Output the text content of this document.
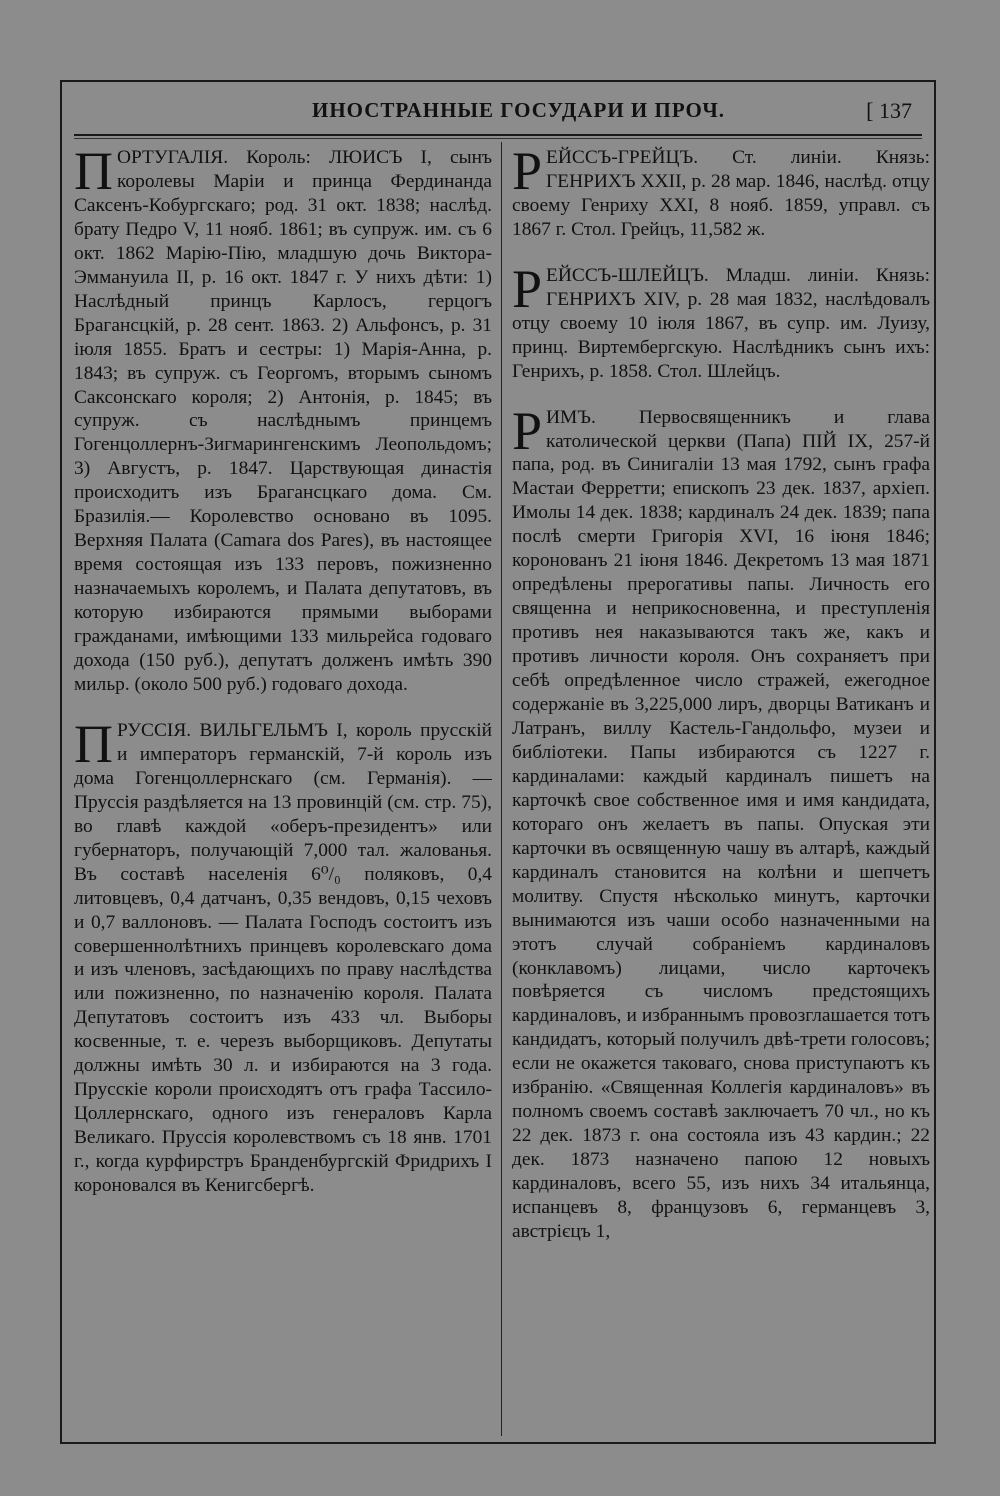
ИНОСТРАННЫЕ ГОСУДАРИ И ПРОЧ.	[ 137

П ОРТУГАЛІЯ. Король: ЛЮИСЪ I, сынъ королевы Маріи и принца Фердинанда Саксенъ-Кобургскаго; род. 31 окт. 1838; наслѣд. брату Педро V, 11 нояб. 1861; въ супруж. им. съ 6 окт. 1862 Марію-Пію, младшую дочь Виктора-Эммануила II, р. 16 окт. 1847 г. У нихъ дѣти: 1) Наслѣдный принцъ Карлосъ, герцогъ Брагансцкій, р. 28 сент. 1863. 2) Альфонсъ, р. 31 іюля 1855. Братъ и сестры: 1) Марія-Анна, р. 1843; въ супруж. съ Георгомъ, вторымъ сыномъ Саксонскаго короля; 2) Антонія, р. 1845; въ супруж. съ наслѣднымъ принцемъ Гогенцоллернъ-Зигмарингенскимъ Леопольдомъ; 3) Августъ, р. 1847. Царствующая династія происходитъ изъ Брагансцкаго дома. См. Бразилія.— Королевство основано въ 1095. Верхняя Палата (Camara dos Pares), въ настоящее время состоящая изъ 133 перовъ, пожизненно назначаемыхъ королемъ, и Палата депутатовъ, въ которую избираются прямыми выборами гражданами, имѣющими 133 мильрейса годоваго дохода (150 руб.), депутатъ долженъ имѣть 390 мильр. (около 500 руб.) годоваго дохода.

П РУССІЯ. ВИЛЬГЕЛЬМЪ I, король прусскій и императоръ германскій, 7-й король изъ дома Гогенцоллернскаго (см. Германія). — Пруссія раздѣляется на 13 провинцій (см. стр. 75), во главѣ каждой «оберъ-президентъ» или губернаторъ, получающій 7,000 тал. жалованья. Въ составѣ населенія 6⁰/₀ поляковъ, 0,4 литовцевъ, 0,4 датчанъ, 0,35 вендовъ, 0,15 чеховъ и 0,7 валлоновъ. — Палата Господъ состоитъ изъ совершеннолѣтнихъ принцевъ королевскаго дома и изъ членовъ, засѣдающихъ по праву наслѣдства или пожизненно, по назначенію короля. Палата Депутатовъ состоитъ изъ 433 чл. Выборы косвенные, т. е. черезъ выборщиковъ. Депутаты должны имѣть 30 л. и избираются на 3 года. Прусскіе короли происходятъ отъ графа Тассило-Цоллернскаго, одного изъ генераловъ Карла Великаго. Пруссія королевствомъ съ 18 янв. 1701 г., когда курфирстръ Бранденбургскій Фридрихъ I короновался въ Кенигсбергѣ.

Р ЕЙССЪ-ГРЕЙЦЪ. Ст. линіи. Князь: ГЕНРИХЪ XXII, р. 28 мар. 1846, наслѣд. отцу своему Генриху XXI, 8 нояб. 1859, управл. съ 1867 г. Стол. Грейцъ, 11,582 ж.

Р ЕЙССЪ-ШЛЕЙЦЪ. Младш. линіи. Князь: ГЕНРИХЪ XIV, р. 28 мая 1832, наслѣдовалъ отцу своему 10 іюля 1867, въ супр. им. Луизу, принц. Виртембергскую. Наслѣдникъ сынъ ихъ: Генрихъ, р. 1858. Стол. Шлейцъ.

Р ИМЪ. Первосвященникъ и глава католической церкви (Папа) ПІЙ IX, 257-й папа, род. въ Синигаліи 13 мая 1792, сынъ графа Мастаи Ферретти; епископъ 23 дек. 1837, архіеп. Имолы 14 дек. 1838; кардиналъ 24 дек. 1839; папа послѣ смерти Григорія XVI, 16 іюня 1846; коронованъ 21 іюня 1846. Декретомъ 13 мая 1871 опредѣлены прерогативы папы. Личность его священна и неприкосновенна, и преступленія противъ нея наказываются такъ же, какъ и противъ личности короля. Онъ сохраняетъ при себѣ опредѣленное число стражей, ежегодное содержаніе въ 3,225,000 лиръ, дворцы Ватиканъ и Латранъ, виллу Кастель-Гандольфо, музеи и библіотеки. Папы избираются съ 1227 г. кардиналами: каждый кардиналъ пишетъ на карточкѣ свое собственное имя и имя кандидата, котораго онъ желаетъ въ папы. Опуская эти карточки въ освященную чашу въ алтарѣ, каждый кардиналъ становится на колѣни и шепчетъ молитву. Спустя нѣсколько минутъ, карточки вынимаются изъ чаши особо назначенными на этотъ случай собраніемъ кардиналовъ (конклавомъ) лицами, число карточекъ повѣряется съ числомъ предстоящихъ кардиналовъ, и избраннымъ провозглашается тотъ кандидатъ, который получилъ двѣ-трети голосовъ; если не окажется таковаго, снова приступаютъ къ избранію. «Священная Коллегія кардиналовъ» въ полномъ своемъ составѣ заключаетъ 70 чл., но къ 22 дек. 1873 г. она состояла изъ 43 кардин.; 22 дек. 1873 назначено папою 12 новыхъ кардиналовъ, всего 55, изъ нихъ 34 итальянца, испанцевъ 8, французовъ 6, германцевъ 3, австрієцъ 1,
